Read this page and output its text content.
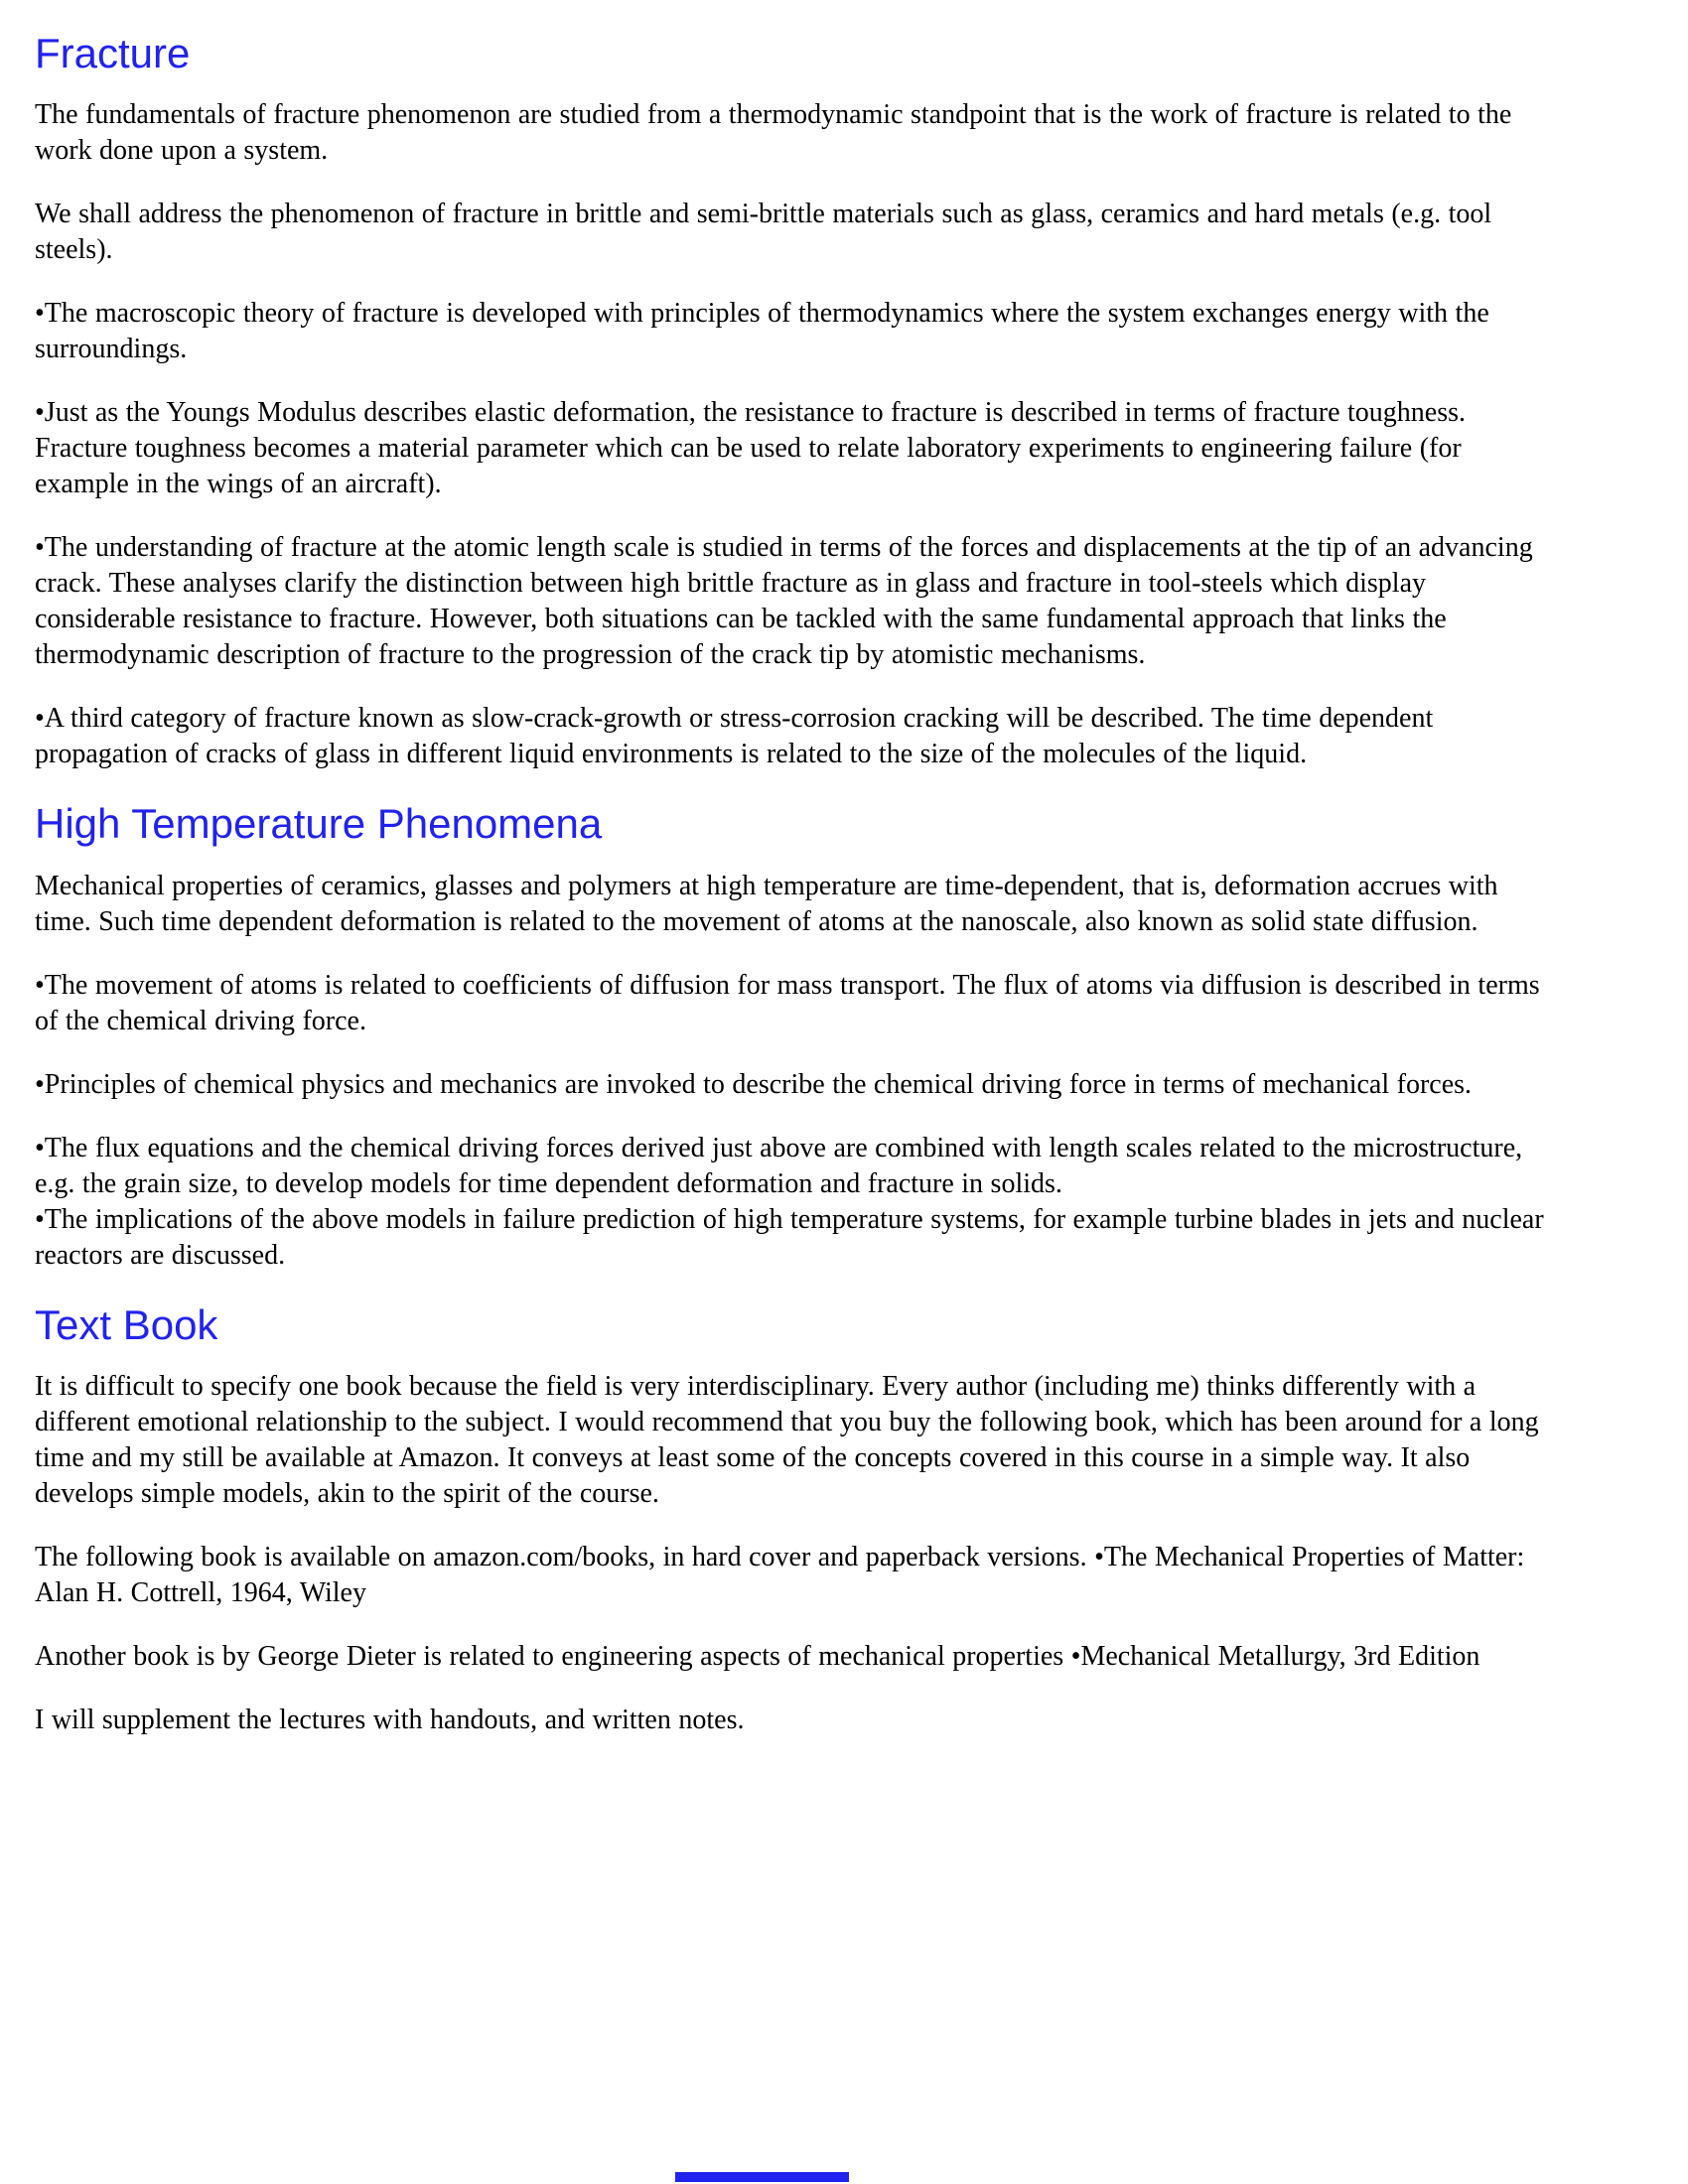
Fracture

The fundamentals of fracture phenomenon are studied from a thermodynamic standpoint that is the work of fracture is related to the work done upon a system.

We shall address the phenomenon of fracture in brittle and semi-brittle materials such as glass, ceramics and hard metals (e.g. tool steels).

•The macroscopic theory of fracture is developed with principles of thermodynamics where the system exchanges energy with the surroundings.

•Just as the Youngs Modulus describes elastic deformation, the resistance to fracture is described in terms of fracture toughness. Fracture toughness becomes a material parameter which can be used to relate laboratory experiments to engineering failure (for example in the wings of an aircraft).

•The understanding of fracture at the atomic length scale is studied in terms of the forces and displacements at the tip of an advancing crack. These analyses clarify the distinction between high brittle fracture as in glass and fracture in tool-steels which display considerable resistance to fracture. However, both situations can be tackled with the same fundamental approach that links the thermodynamic description of fracture to the progression of the crack tip by atomistic mechanisms.

•A third category of fracture known as slow-crack-growth or stress-corrosion cracking will be described. The time dependent propagation of cracks of glass in different liquid environments is related to the size of the molecules of the liquid.

High Temperature Phenomena

Mechanical properties of ceramics, glasses and polymers at high temperature are time-dependent, that is, deformation accrues with time. Such time dependent deformation is related to the movement of atoms at the nanoscale, also known as solid state diffusion.

•The movement of atoms is related to coefficients of diffusion for mass transport. The flux of atoms via diffusion is described in terms of the chemical driving force.

•Principles of chemical physics and mechanics are invoked to describe the chemical driving force in terms of mechanical forces.

•The flux equations and the chemical driving forces derived just above are combined with length scales related to the microstructure, e.g. the grain size, to develop models for time dependent deformation and fracture in solids.

•The implications of the above models in failure prediction of high temperature systems, for example turbine blades in jets and nuclear reactors are discussed.

Text Book

It is difficult to specify one book because the field is very interdisciplinary. Every author (including me) thinks differently with a different emotional relationship to the subject. I would recommend that you buy the following book, which has been around for a long time and my still be available at Amazon. It conveys at least some of the concepts covered in this course in a simple way. It also develops simple models, akin to the spirit of the course.

The following book is available on amazon.com/books, in hard cover and paperback versions. •The Mechanical Properties of Matter: Alan H. Cottrell, 1964, Wiley

Another book is by George Dieter is related to engineering aspects of mechanical properties •Mechanical Metallurgy, 3rd Edition

I will supplement the lectures with handouts, and written notes.
